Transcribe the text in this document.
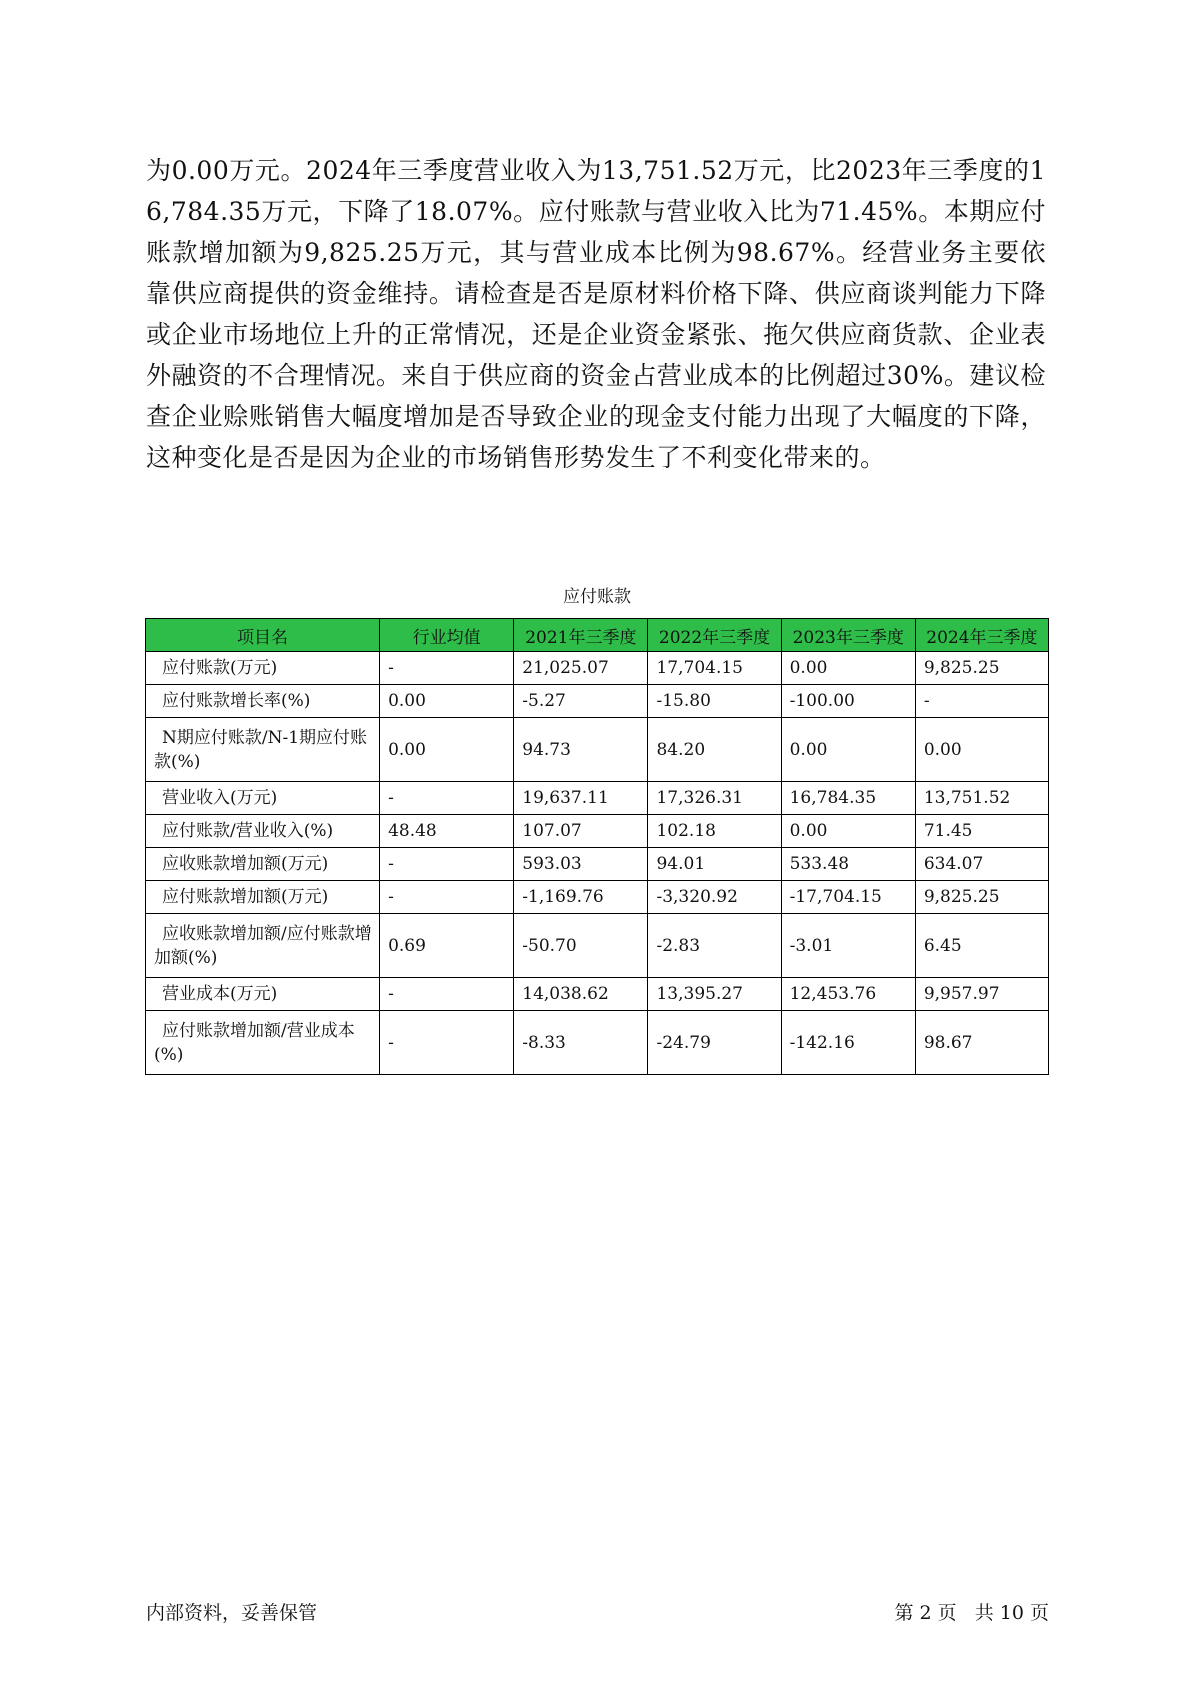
为0.00万元。2024年三季度营业收入为13,751.52万元，比2023年三季度的16,784.35万元，下降了18.07%。应付账款与营业收入比为71.45%。本期应付账款增加额为9,825.25万元，其与营业成本比例为98.67%。经营业务主要依靠供应商提供的资金维持。请检查是否是原材料价格下降、供应商谈判能力下降或企业市场地位上升的正常情况，还是企业资金紧张、拖欠供应商货款、企业表外融资的不合理情况。来自于供应商的资金占营业成本的比例超过30%。建议检查企业赊账销售大幅度增加是否导致企业的现金支付能力出现了大幅度的下降，这种变化是否是因为企业的市场销售形势发生了不利变化带来的。

应付账款
项目名	行业均值	2021年三季度	2022年三季度	2023年三季度	2024年三季度
应付账款(万元)	-	21,025.07	17,704.15	0.00	9,825.25
应付账款增长率(%)	0.00	-5.27	-15.80	-100.00	-
N期应付账款/N-1期应付账款(%)	0.00	94.73	84.20	0.00	0.00
营业收入(万元)	-	19,637.11	17,326.31	16,784.35	13,751.52
应付账款/营业收入(%)	48.48	107.07	102.18	0.00	71.45
应收账款增加额(万元)	-	593.03	94.01	533.48	634.07
应付账款增加额(万元)	-	-1,169.76	-3,320.92	-17,704.15	9,825.25
应收账款增加额/应付账款增加额(%)	0.69	-50.70	-2.83	-3.01	6.45
营业成本(万元)	-	14,038.62	13,395.27	12,453.76	9,957.97
应付账款增加额/营业成本(%)	-	-8.33	-24.79	-142.16	98.67
内部资料，妥善保管	第 2 页   共 10 页
